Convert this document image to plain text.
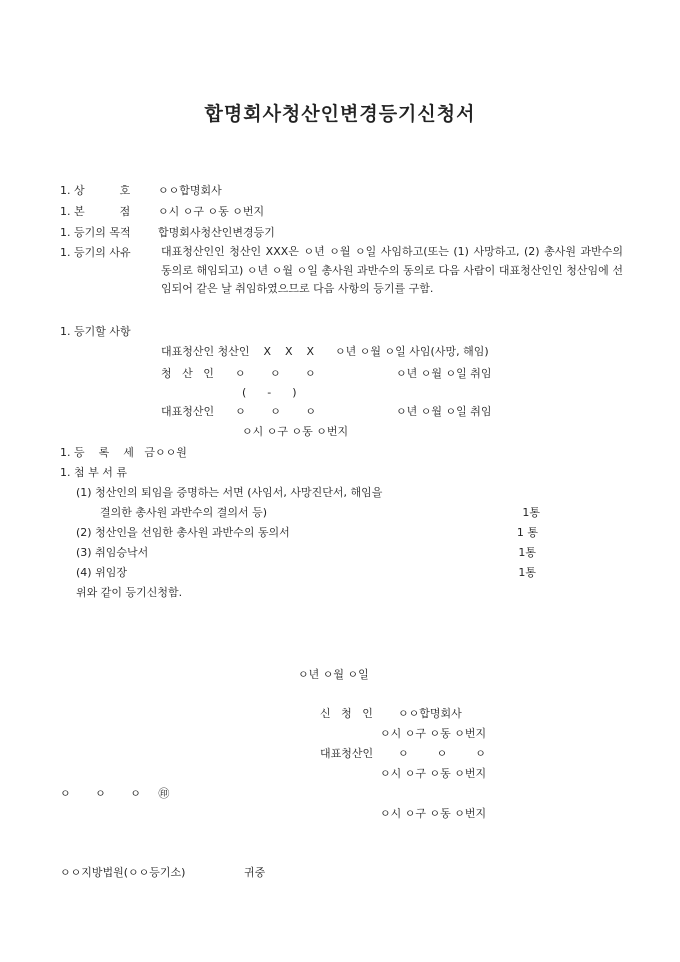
합명회사청산인변경등기신청서
1. 상          호	ㅇㅇ합명회사
1. 본          점	ㅇ시 ㅇ구 ㅇ동 ㅇ번지
1. 등기의 목적 합명회사청산인변경등기
1. 등기의 사유	대표청산인인 청산인 XXX은 ㅇ년 ㅇ월 ㅇ일 사임하고(또는 (1) 사망하고, (2) 총사원 과반수의 동의로 해임되고) ㅇ년 ㅇ월 ㅇ일 총사원 과반수의 동의로 다음 사람이 대표청산인인 청산임에 선임되어 같은 날 취임하였으므로 다음 사항의 등기를 구함.
1. 등기할 사항
대표청산인 청산인    X    X    X      ㅇ년 ㅇ월 ㅇ일 사임(사망, 해임)
청   산   인      ㅇ       ㅇ       ㅇ	ㅇ년 ㅇ월 ㅇ일 취임
(      -      )
대표청산인      ㅇ       ㅇ       ㅇ	ㅇ년 ㅇ월 ㅇ일 취임
ㅇ시 ㅇ구 ㅇ동 ㅇ번지
1. 등    록    세   금ㅇㅇ원
1. 첨 부 서 류
(1) 청산인의 퇴임을 증명하는 서면 (사임서, 사망진단서, 해임을
결의한 총사원 과반수의 결의서 등)	1통
(2) 청산인을 선임한 총사원 과반수의 동의서	1 통
(3) 취임승낙서	1통
(4) 위임장	1통
위와 같이 등기신청함.
ㅇ년 ㅇ월 ㅇ일
신   청   인 ㅇㅇ합명회사
ㅇ시 ㅇ구 ㅇ동 ㅇ번지
대표청산인 ㅇ        ㅇ        ㅇ
ㅇ시 ㅇ구 ㅇ동 ㅇ번지
ㅇ       ㅇ       ㅇ     ㊞
ㅇ시 ㅇ구 ㅇ동 ㅇ번지
ㅇㅇ지방법원(ㅇㅇ등기소)	귀중
